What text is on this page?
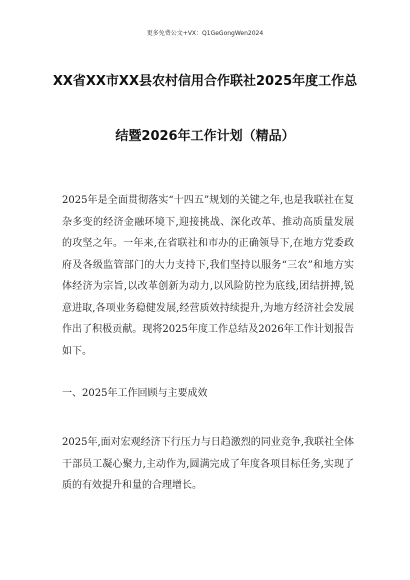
更多免费公文+VX：Q1GeGongWen2024
XX省XX市XX县农村信用合作联社2025年度工作总
结暨2026年工作计划（精品）
2025年是全面贯彻落实“十四五”规划的关键之年,也是我联社在复杂多变的经济金融环境下,迎接挑战、深化改革、推动高质量发展的攻坚之年。一年来,在省联社和市办的正确领导下,在地方党委政府及各级监管部门的大力支持下,我们坚持以服务“三农”和地方实体经济为宗旨,以改革创新为动力,以风险防控为底线,团结拼搏,锐意进取,各项业务稳健发展,经营质效持续提升,为地方经济社会发展作出了积极贡献。现将2025年度工作总结及2026年工作计划报告如下。
一、2025年工作回顾与主要成效
2025年,面对宏观经济下行压力与日趋激烈的同业竞争,我联社全体干部员工凝心聚力,主动作为,圆满完成了年度各项目标任务,实现了质的有效提升和量的合理增长。
